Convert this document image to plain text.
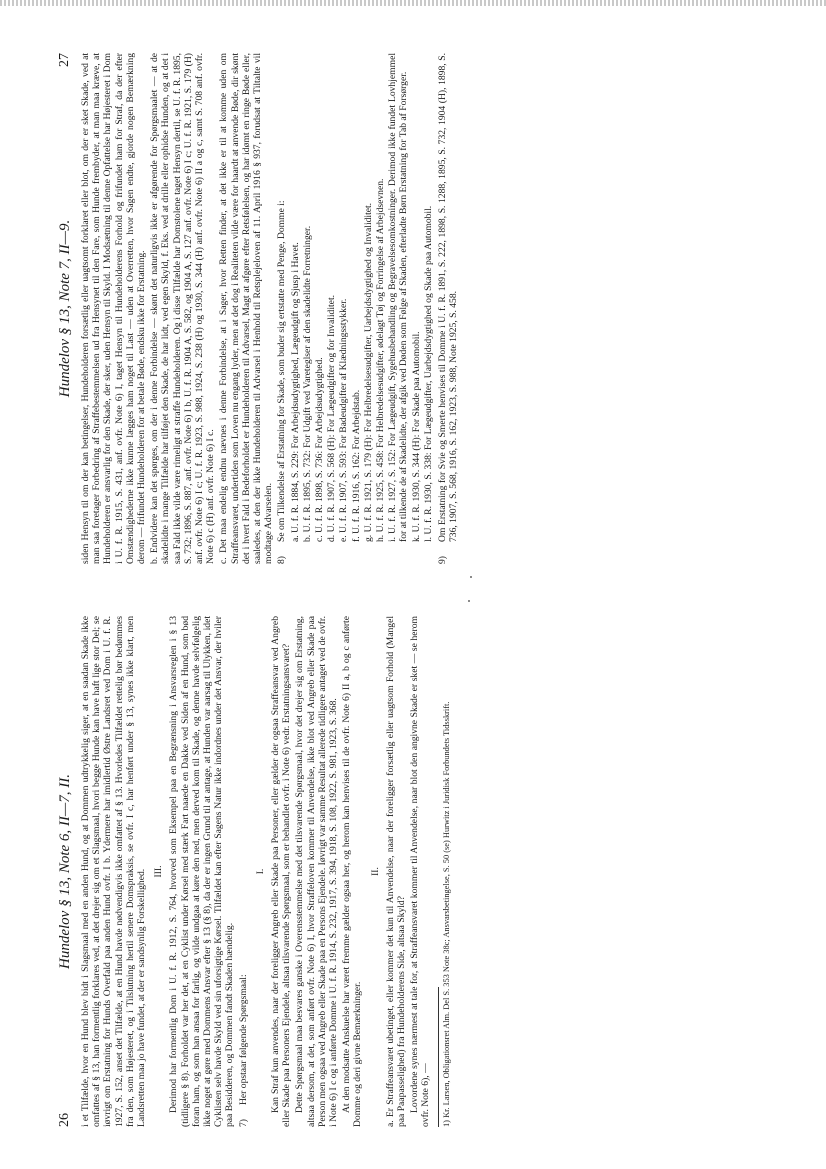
26
Hundelov § 13, Note 6, II—7, II. i et Tilfælde, hvor en Hund blev bidt i Slagsmaal med en anden Hund, og at Dommen udtrykkelig siger, at en saadan Skade ikke omfattes af § 13, han formentlig forklares ved, at det drejer sig om et Slagsmaal, hvori begge Hunde kan have haft lige stor Del; se iøvrigt om Erstatning for Hunds Overfald paa anden Hund ovfr. I b. Ydermere har imidlertid Østre Landsret ved Dom i U. f. R. 1927, S. 152, anset det Tilfælde, at en Hund havde nødvendigvis ikke omfattet af § 13. Hvorledes Tilfældet rettelig bør bedømmes fra den, som Højesteret, og i Tilslutning hertil senere Domspraksis, se ovfr. I c, har henført under § 13, synes ikke klart, men Landsretten maa jo have fundet, at der er sandsynlig Forskellighed. III. Derimod har formentlig Dom i U. f. R. 1912, S. 764, hvorved som Eksempel paa en Begrænsning i Ansvarsreglen i § 13 (tidligere § 8). Forholdet var her det, at en Cyklist under Kørsel med stærk Fart naaede en Dakke ved Siden af en Hund, som bød foran ham, og som han ansaa for farlig, og vilde undgaa at køre den ned, men derved kom til Skade, og denne havde selvfølgelig ikke noget at gøre med Dommens Ansvar efter § 13 (§ 8), da der er ingen Grund til at antage, at Hunden var aarsag til Ulykken, idet Cyklisten selv havde Skyld ved sin uforsigtige Kørsel. Tilfældet kan efter Sagens Natur ikke indordnes under det Ansvar, der hviler paa Besidderen, og Dommen fandt Skaden hændelig. 7)
Her opstaar følgende Spørgsmaal:

I. Kan Straf kun anvendes, naar der foreligger Angreb eller Skade paa Personer, eller gælder der ogsaa Straffeansvar ved Angreb eller Skade paa Personers Ejendele, altsaa tilsvarende Spørgsmaal, som er behandlet ovfr. i Note 6) vedr. Erstatningsansvaret? Dette Spørgsmaal maa besvares ganske i Overensstemmelse med det tilsvarende Spørgsmaal, hvor det drejer sig om Erstatning, altsaa dersom, at det, som anført ovfr. Note 6) I, hvor Straffeloven kommer til Anvendelse, ikke blot ved Angreb eller Skade paa Person men ogsaa ved Angreb eller Skade paa en Persons Ejendele. Iøvrigt var samme Resultat allerede tidligere antaget ved de ovfr. i Note 6) I c og i anførte Domme i U. f. R. 1914, S. 232, 1917, S. 394, 1918, S. 108, 1922, S. 981, 1923, S. 368. At den modsatte Anskuelse har været fremme gælder ogsaa her, og herom kan henvises til de ovfr. Note 6) II a, b og c anførte Domme og deri givne Bemærkninger.

II. a. Er Straffeansvaret ubetinget, eller kommer det kun til Anvendelse, naar der foreligger forsætlig eller uagtsom Forhold (Mangel paa Paapasselighed) fra Hundeholderens Side, altsaa Skyld? Lovordene synes nærmest at tale for, at Straffeansvaret kommer til Anvendelse, naar blot den angivne Skade er sket — se herom ovfr. Note 6), — 1) Kr. Larsen, Obligationsret Alm. Del S. 353 Note 38c; Ansvarsbetingelse, S. 50 (se) Hurwitz i Juridisk Forbundets Tidsskrift.
Hundelov § 13, Note 7, II—9.
27 siden Hensyn til om der kan betingelser, Hundeholderen forsætlig eller uagtsomt forklaret eller blot, om der er sket Skade, ved at man saa foretager Forbedring af Straffebestemmelsen ud fra Hensynet til den Fare, som Hunde frembyder, at man maa kræve, at Hundeholderen er ansvarlig for den Skade, der sker, uden Hensyn til Skyld. I Modsætning til denne Opfattelse har Højesteret i Dom i U. f. R. 1915, S. 431, anf. ovfr. Note 6) I, taget Hensyn til Hundeholderens Forhold og frifundet ham for Straf, da der efter Omstændighederne ikke kunne lægges ham noget til Last — uden at Overretten, hvor Sagen endte, gjorde nogen Bemærkning derom — frifundet Hundeholderen for at betale Bøde, endsku ikke for Erstatning. b. Endvidere kan det spørges, om der i denne Forbindelse — skønt det naturligvis ikke er afgørende for Spørgsmaalet — at de skadelidte i mange Tilfælde har tilføjet den Skade, de har lidt, ved egen Skyld, f. Eks. ved at drille eller ophidse Hunden, og at det i saa Fald ikke vilde være rimeligt at straffe Hundeholderen. Og i disse Tilfælde har Domstolene taget Hensyn dertil, se U. f. R. 1895, S. 732; 1896, S. 887, anf. ovfr. Note 6) I b, U. f. R. 1904 A, S. 582, og 1904 A, S. 127 anf. ovfr. Note 6) I c; U. f. R. 1921, S. 179 (H) anf. ovfr. Note 6) I c; U. f. R. 1923, S. 988, 1924, S. 238 (H) og 1930, S. 344 (H) anf. ovfr. Note 6) II a og c, samt S. 708 anf. ovfr. Note 6) c (H) anf. ovfr. Note 6) I c. c. Det maa endelig endnu nævnes i denne Forbindelse, at i Sager, hvor Retten finder, at det ikke er til at komme uden om Straffeansvaret, undertiden som Loven nu engang lyder, men at det dog i Realiteten vilde være for haardt at anvende Bøde, dir skønt det i hvert Fald i Bedeforholdet er Hundeholderen til Advarsel, Magt at afgøre efter Retsfølelsen, og har idømt en ringe Bøde eller, saaledes, at den der ikke Hundeholderen til Advarsel i Henhold til Retsplejeloven af 11. April 1916 § 937, forudsat at Tiltalte vil modtage Advarselen. 8)

Se om Tilkendelse af Erstatning for Skade, som buder sig ertstatte med Penge, Domme i: a. U. f. R. 1884, S. 229: For Arbejdsudygtighed, Lægeudgift og Sjusp i Havet. b. U. f. R. 1895, S. 732: For Udgift ved Vareteglser af den skadelidte Forretninger. c. U. f. R. 1898, S. 736: For Arbejdsudygtighed. d. U. f. R. 1907, S. 568 (H): For Lægeudgifter og for Invaliditet. e. U. f. R. 1907, S. 593: For Badeudgifter af Klædningsstykker. f. U. f. R. 1916, S. 162: For Arbejdstab. g. U. f. R. 1921, S. 179 (H): For Helbredelsesudgifter, Uarbejdsdygtighed og Invaliditet. h. U. f. R. 1925, S. 458: For Helbredelsesudgifter, ødelagt Tøj og Forringelse af Arbejdsevnen. i. U. f. R. 1927, S. 152: For Lægeudgift, Sygehusbehandling og Begravelsesomkostninger. Derimod ikke fundet Lovhjemmel for at tilkende de af Skadelidte, der afgik ved Døden som Følge af Skaden, efterladte Børn Erstatning for Tab af Forsørger. k. U. f. R. 1930, S. 344 (H): For Skade paa Automobil. l. U. f. R. 1930, S. 338: For Lægeudgifter, Uarbejdsdygtighed og Skade paa Automobil.
9)
Om Erstatning for Svie og Smerte henvises til Domme i U. f. R. 1891, S. 222, 1898, S. 1288, 1895, S. 732, 1904 (H), 1898, S. 736, 1907, S. 568, 1916, S. 162, 1923, S. 988, Note 1925, S. 458.
